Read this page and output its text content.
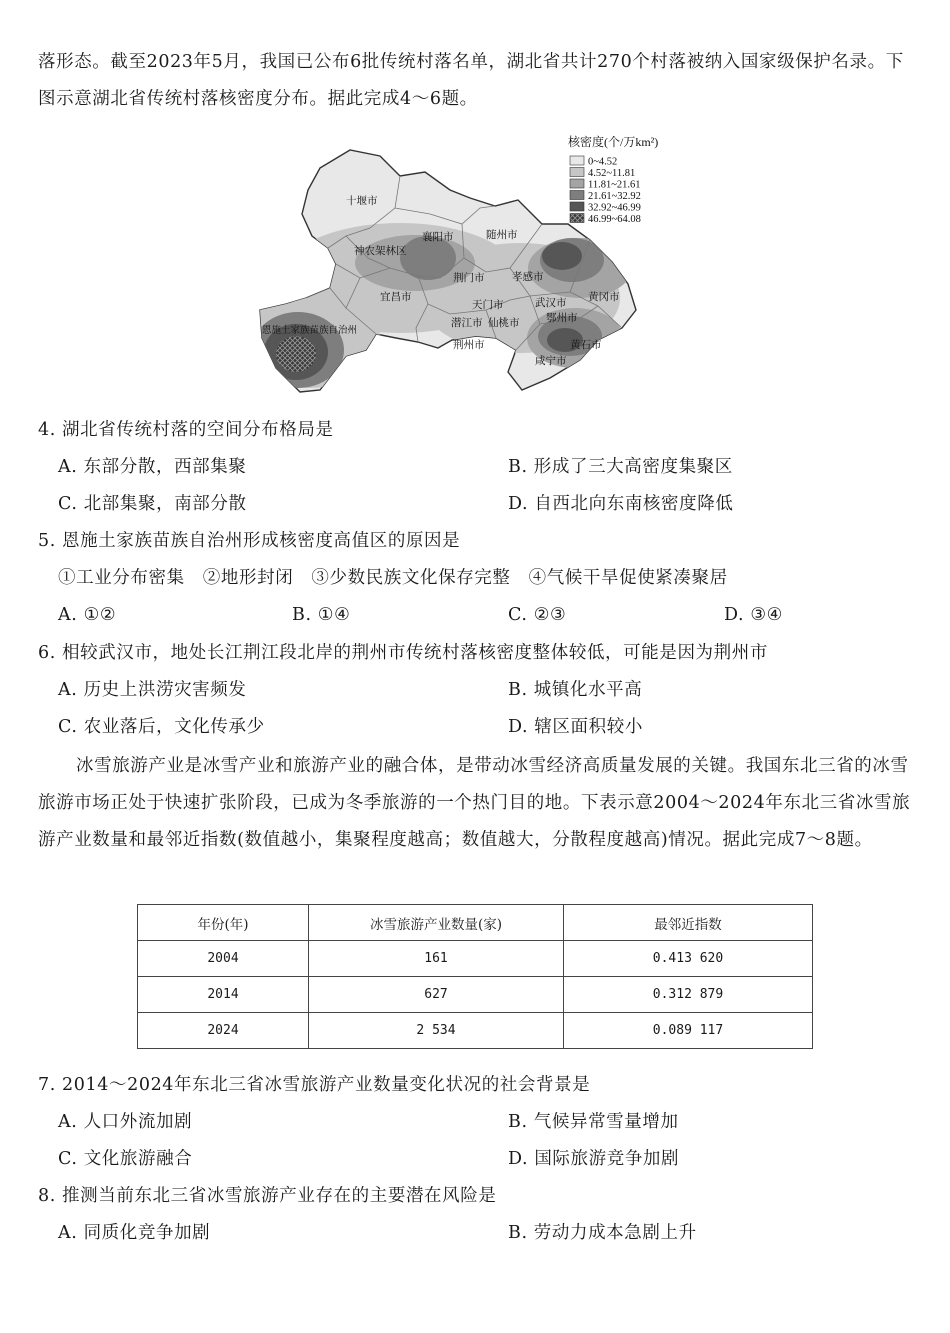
落形态。截至2023年5月，我国已公布6批传统村落名单，湖北省共计270个村落被纳入国家级保护名录。下图示意湖北省传统村落核密度分布。据此完成4～6题。

十堰市
襄阳市	随州市
神农架林区
荆门市	孝感市
宜昌市
天门市	武汉市
黄冈市
鄂州市
恩施土家族苗族自治州
潜江市 仙桃市
荆州市	黄石市
咸宁市
核密度(个/万km²)
0~4.52
4.52~11.81
11.81~21.61
21.61~32.92
32.92~46.99
46.99~64.08
4. 湖北省传统村落的空间分布格局是
A. 东部分散，西部集聚	B. 形成了三大高密度集聚区
C. 北部集聚，南部分散	D. 自西北向东南核密度降低
5. 恩施土家族苗族自治州形成核密度高值区的原因是
①工业分布密集　②地形封闭　③少数民族文化保存完整　④气候干旱促使紧凑聚居
A. ①②	B. ①④	C. ②③	D. ③④
6. 相较武汉市，地处长江荆江段北岸的荆州市传统村落核密度整体较低，可能是因为荆州市
A. 历史上洪涝灾害频发	B. 城镇化水平高
C. 农业落后，文化传承少	D. 辖区面积较小

冰雪旅游产业是冰雪产业和旅游产业的融合体，是带动冰雪经济高质量发展的关键。我国东北三省的冰雪旅游市场正处于快速扩张阶段，已成为冬季旅游的一个热门目的地。下表示意2004～2024年东北三省冰雪旅游产业数量和最邻近指数(数值越小，集聚程度越高；数值越大，分散程度越高)情况。据此完成7～8题。

年份(年)	冰雪旅游产业数量(家)	最邻近指数
2004	161	0.413 620
2014	627	0.312 879
2024	2 534	0.089 117
7. 2014～2024年东北三省冰雪旅游产业数量变化状况的社会背景是
A. 人口外流加剧	B. 气候异常雪量增加
C. 文化旅游融合	D. 国际旅游竞争加剧
8. 推测当前东北三省冰雪旅游产业存在的主要潜在风险是
A. 同质化竞争加剧	B. 劳动力成本急剧上升
